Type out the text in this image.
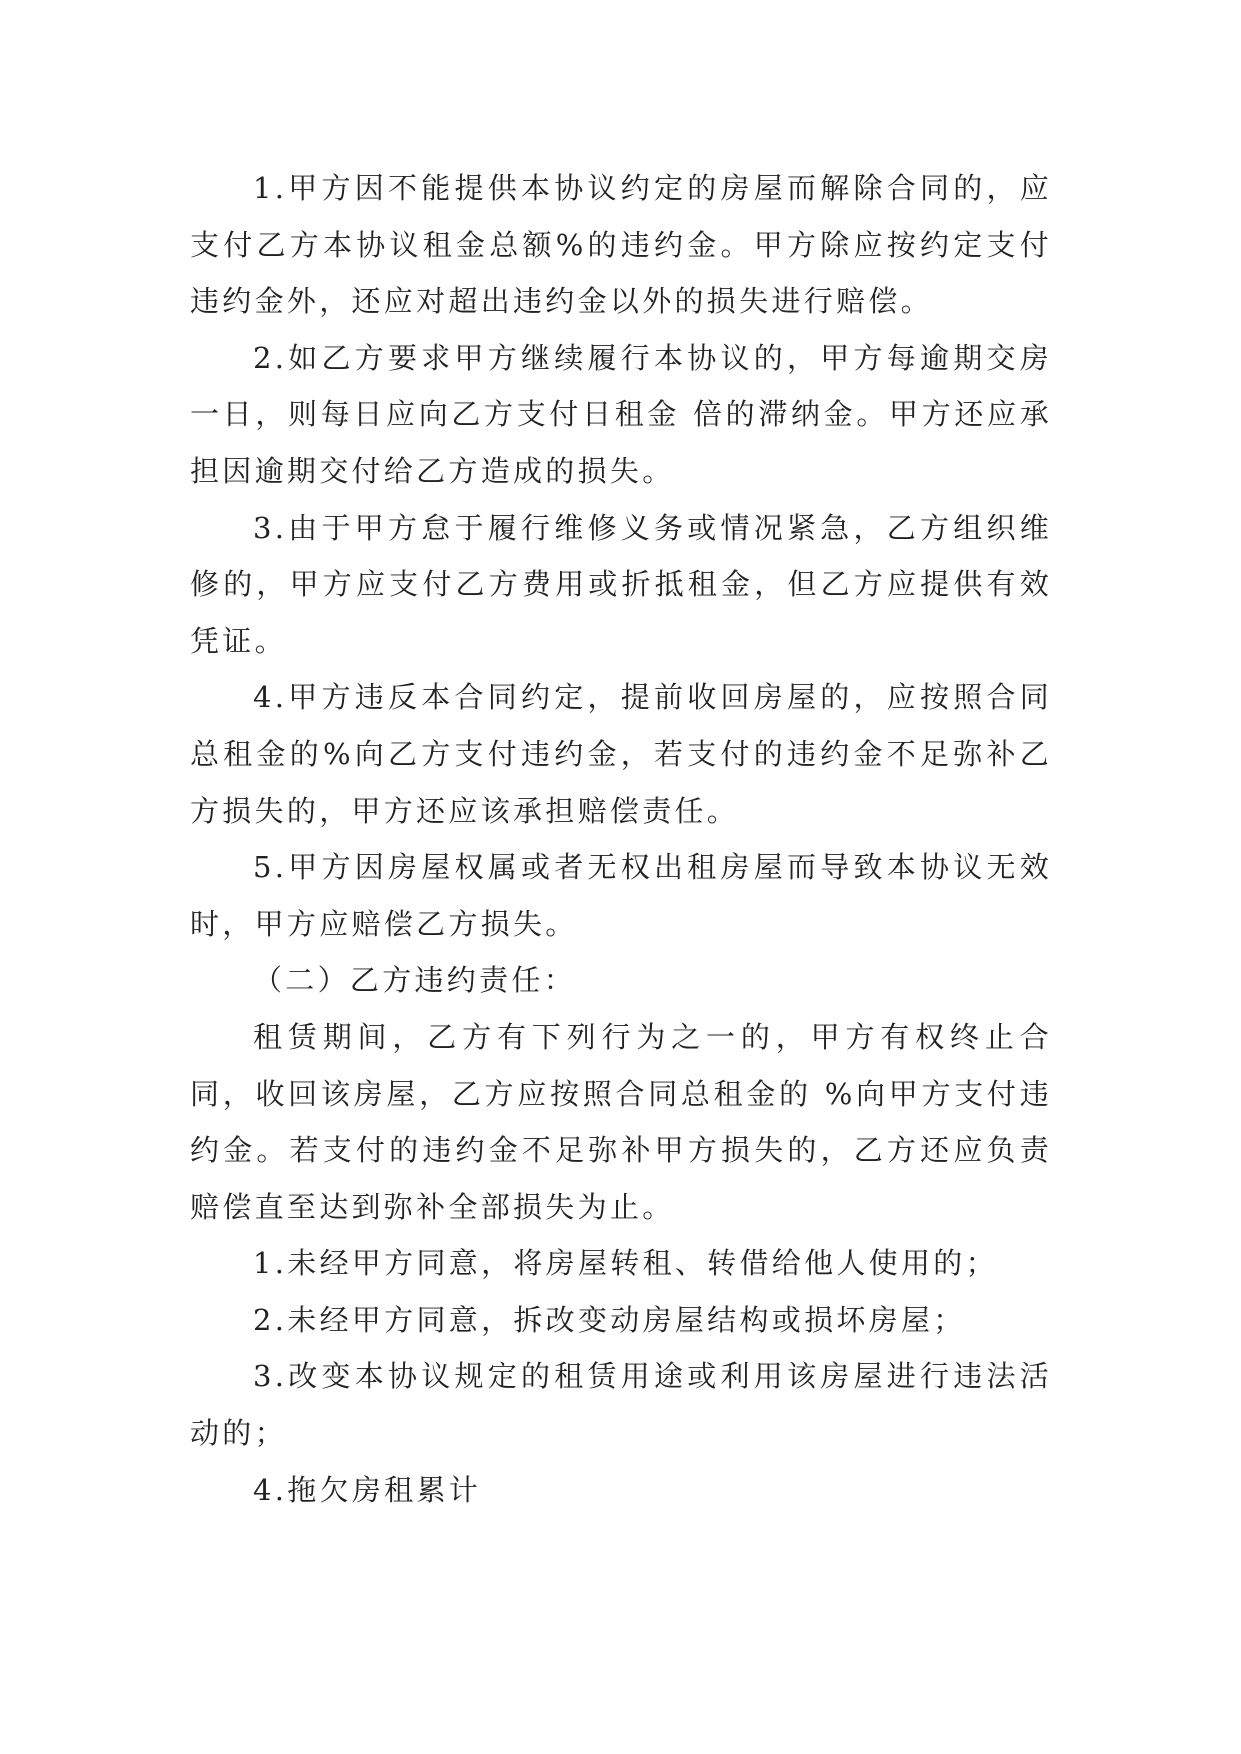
1.甲方因不能提供本协议约定的房屋而解除合同的，应支付乙方本协议租金总额%的违约金。甲方除应按约定支付违约金外，还应对超出违约金以外的损失进行赔偿。

2.如乙方要求甲方继续履行本协议的，甲方每逾期交房一日，则每日应向乙方支付日租金 倍的滞纳金。甲方还应承担因逾期交付给乙方造成的损失。

3.由于甲方怠于履行维修义务或情况紧急，乙方组织维修的，甲方应支付乙方费用或折抵租金，但乙方应提供有效凭证。

4.甲方违反本合同约定，提前收回房屋的，应按照合同总租金的%向乙方支付违约金，若支付的违约金不足弥补乙方损失的，甲方还应该承担赔偿责任。

5.甲方因房屋权属或者无权出租房屋而导致本协议无效时，甲方应赔偿乙方损失。

（二）乙方违约责任：

租赁期间，乙方有下列行为之一的，甲方有权终止合同，收回该房屋，乙方应按照合同总租金的 %向甲方支付违约金。若支付的违约金不足弥补甲方损失的，乙方还应负责赔偿直至达到弥补全部损失为止。

1.未经甲方同意，将房屋转租、转借给他人使用的；

2.未经甲方同意，拆改变动房屋结构或损坏房屋；

3.改变本协议规定的租赁用途或利用该房屋进行违法活动的；

4.拖欠房租累计
